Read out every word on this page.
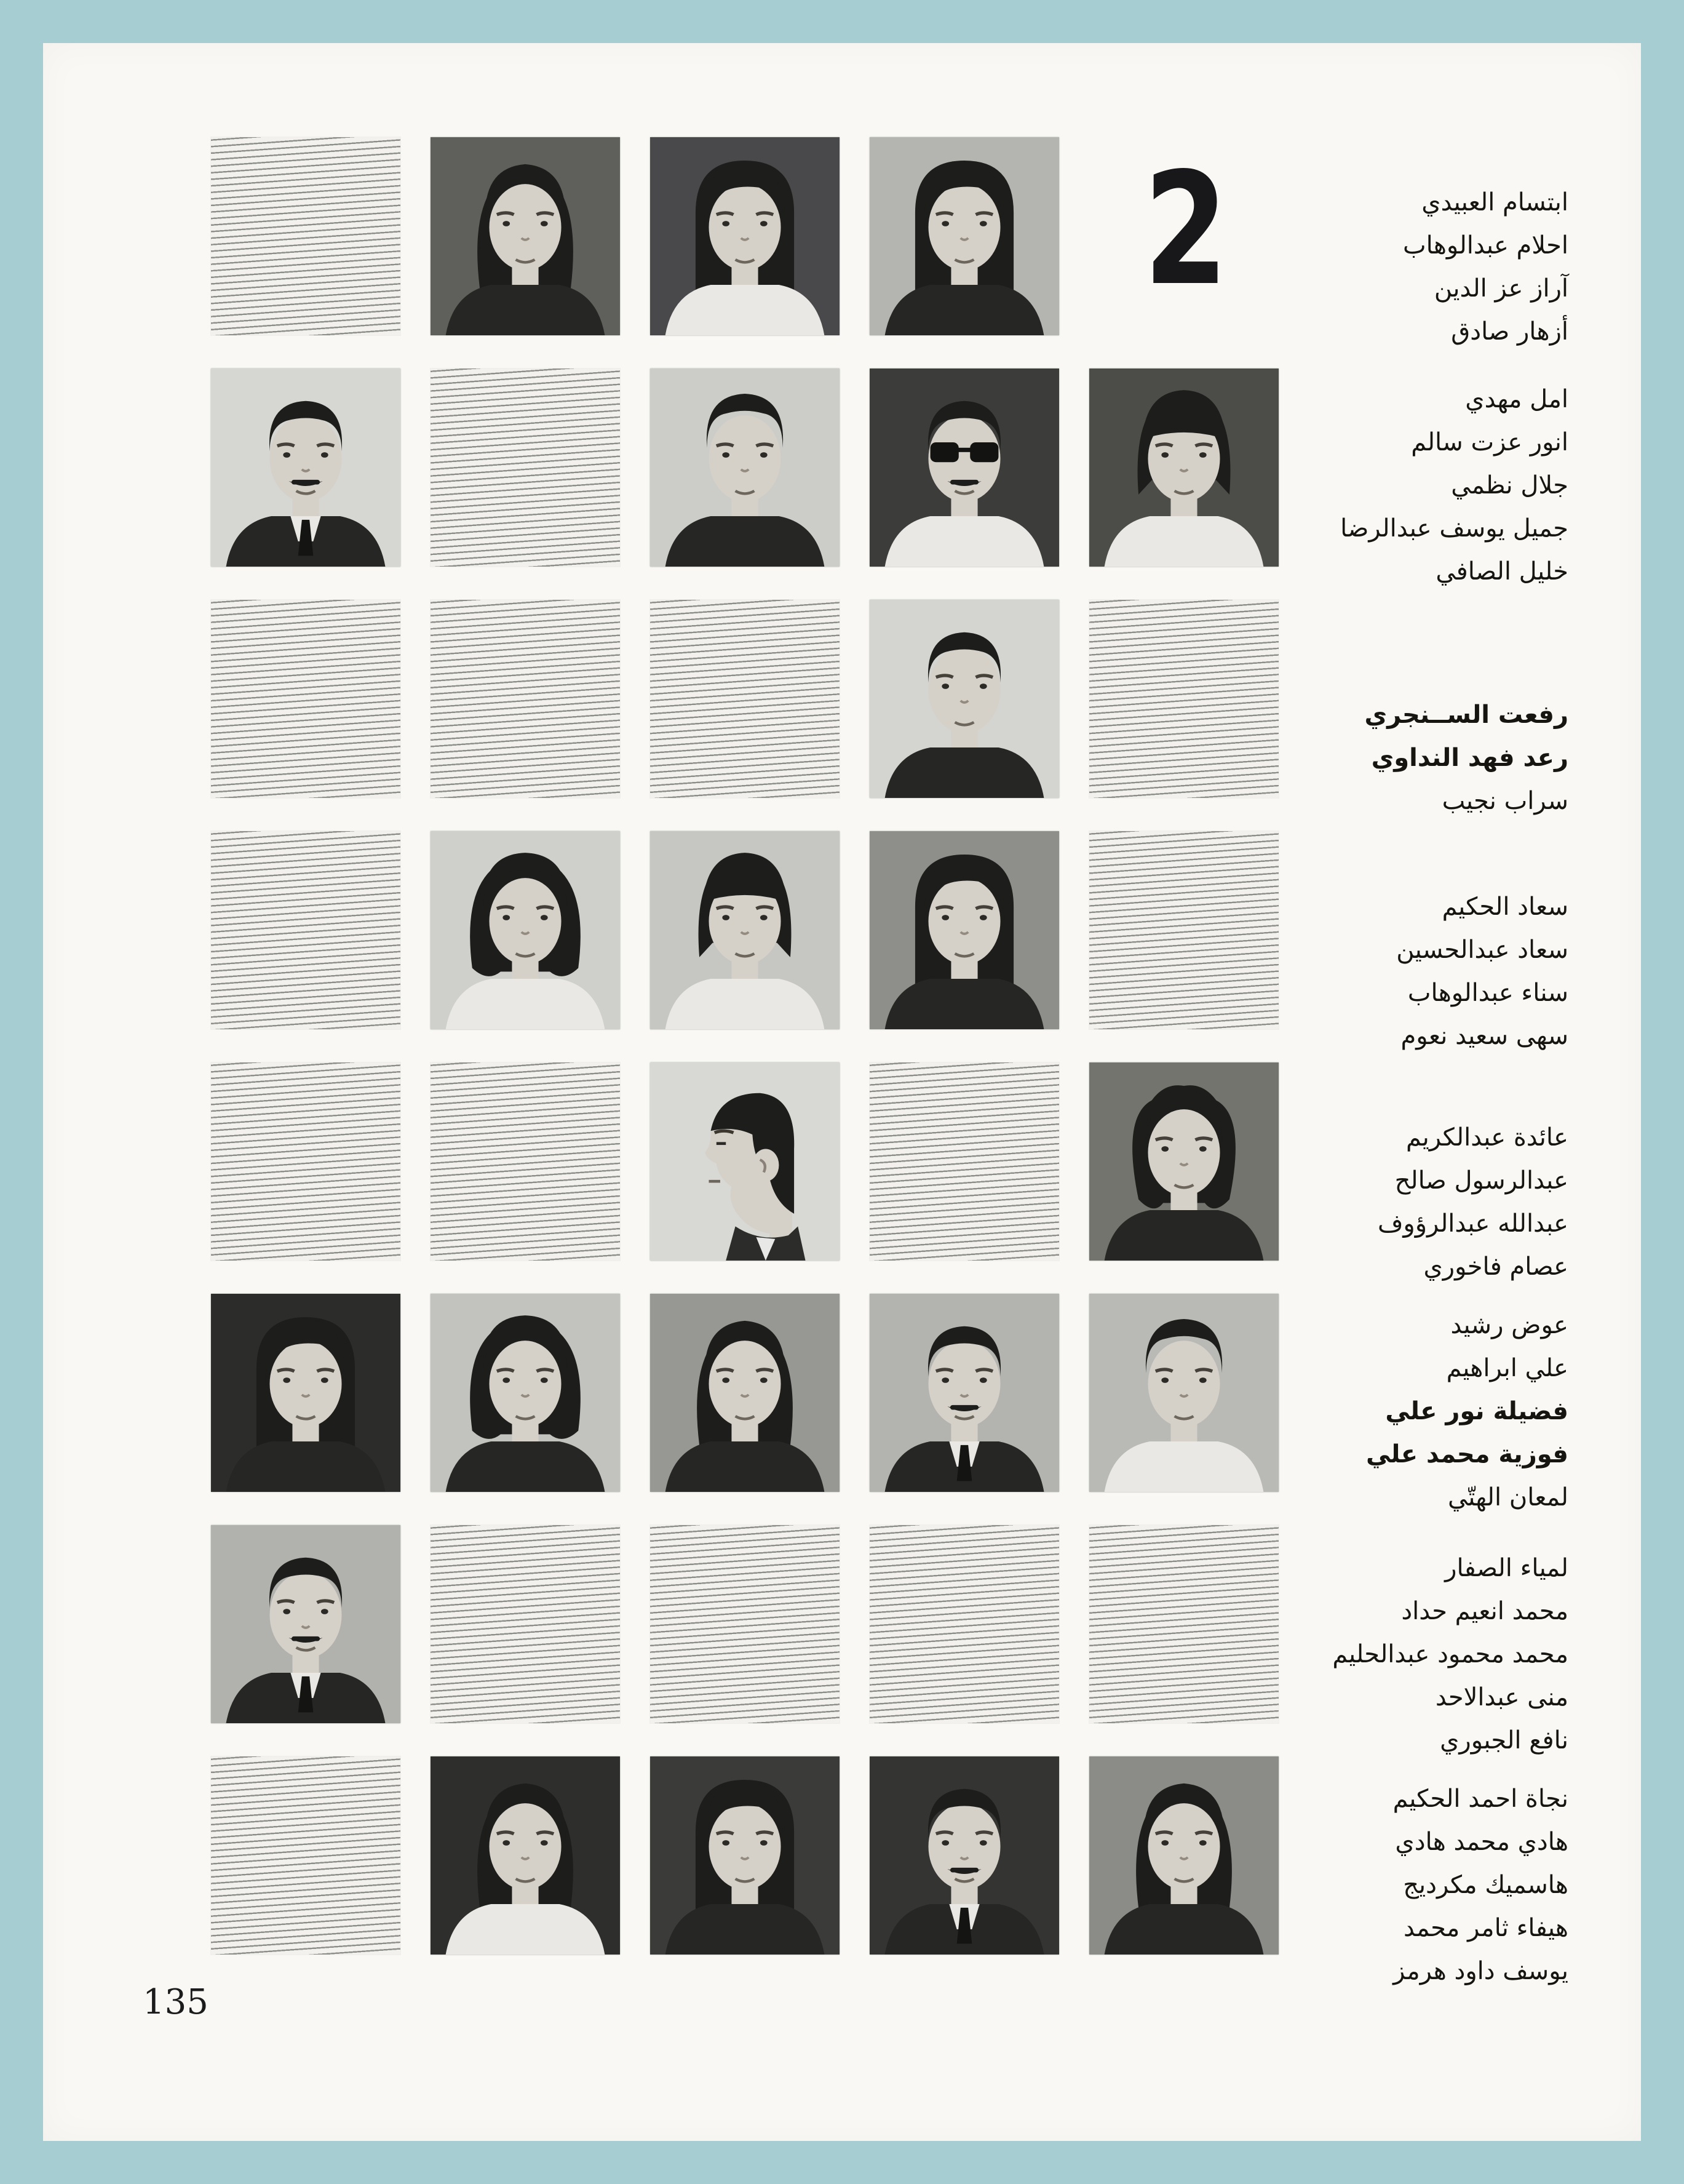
ابتسام العبيدي
احلام عبدالوهاب
آراز عز الدين
أزهار صادق
امل مهدي
انور عزت سالم
جلال نظمي
جميل يوسف عبدالرضا
خليل الصافي
رفعت الســنجري
رعد فهد النداوي
سراب نجيب
سعاد الحكيم
سعاد عبدالحسين
سناء عبدالوهاب
سهى سعيد نعوم
عائدة عبدالكريم
عبدالرسول صالح
عبدالله عبدالرؤوف
عصام فاخوري
عوض رشيد
علي ابراهيم
فضيلة نور علي
فوزية محمد علي
لمعان الهتّي
لمياء الصفار
محمد انعيم حداد
محمد محمود عبدالحليم
منى عبدالاحد
نافع الجبوري
نجاة احمد الحكيم
هادي محمد هادي
هاسميك مكرديج
هيفاء ثامر محمد
يوسف داود هرمز
2
135
